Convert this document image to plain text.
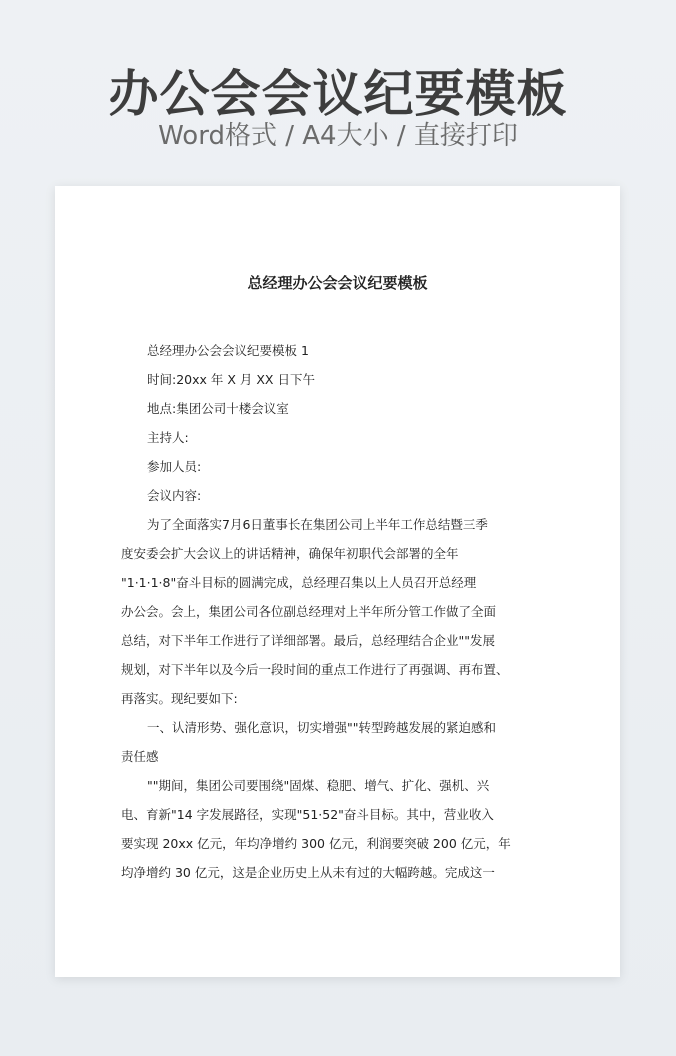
办公会会议纪要模板
Word格式 / A4大小 / 直接打印
总经理办公会会议纪要模板
总经理办公会会议纪要模板 1
时间:20xx 年 X 月 XX 日下午
地点:集团公司十楼会议室
主持人:
参加人员:
会议内容:
为了全面落实7月6日董事长在集团公司上半年工作总结暨三季
度安委会扩大会议上的讲话精神，确保年初职代会部署的全年
"1·1·1·8"奋斗目标的圆满完成，总经理召集以上人员召开总经理
办公会。会上，集团公司各位副总经理对上半年所分管工作做了全面
总结，对下半年工作进行了详细部署。最后，总经理结合企业""发展
规划，对下半年以及今后一段时间的重点工作进行了再强调、再布置、
再落实。现纪要如下:
一、认清形势、强化意识，切实增强""转型跨越发展的紧迫感和
责任感
""期间，集团公司要围绕"固煤、稳肥、增气、扩化、强机、兴
电、育新"14 字发展路径，实现"51·52"奋斗目标。其中，营业收入
要实现 20xx 亿元，年均净增约 300 亿元，利润要突破 200 亿元，年
均净增约 30 亿元，这是企业历史上从未有过的大幅跨越。完成这一
